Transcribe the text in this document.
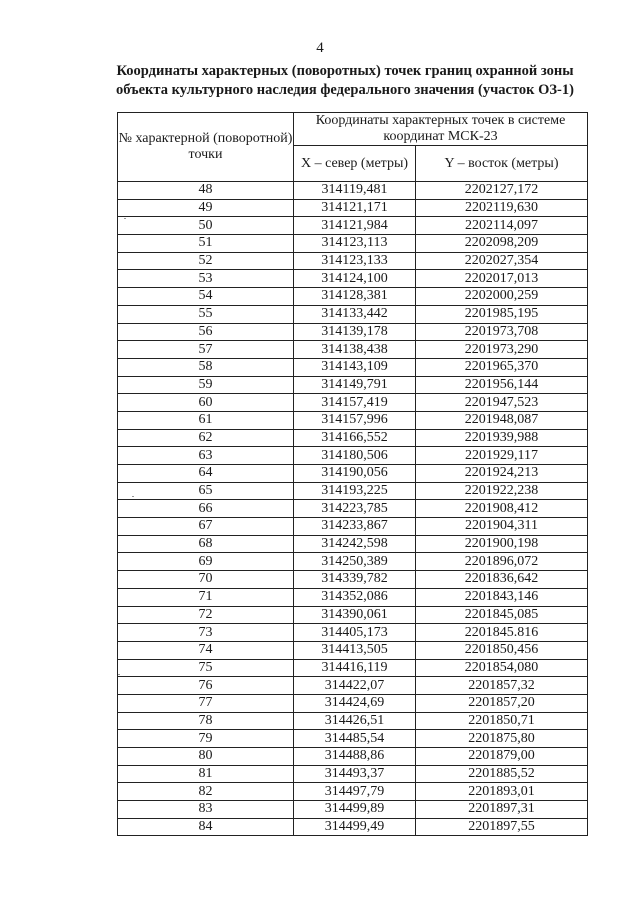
4
Координаты характерных (поворотных) точек границ охранной зоны
объекта культурного наследия федерального значения (участок ОЗ-1)
№ характерной (поворотной) точки	Координаты характерных точек в системе координат МСК-23	
	X – север (метры)	Y – восток (метры)
48	314119,481	2202127,172
49	314121,171	2202119,630
50	314121,984	2202114,097
51	314123,113	2202098,209
52	314123,133	2202027,354
53	314124,100	2202017,013
54	314128,381	2202000,259
55	314133,442	2201985,195
56	314139,178	2201973,708
57	314138,438	2201973,290
58	314143,109	2201965,370
59	314149,791	2201956,144
60	314157,419	2201947,523
61	314157,996	2201948,087
62	314166,552	2201939,988
63	314180,506	2201929,117
64	314190,056	2201924,213
65	314193,225	2201922,238
66	314223,785	2201908,412
67	314233,867	2201904,311
68	314242,598	2201900,198
69	314250,389	2201896,072
70	314339,782	2201836,642
71	314352,086	2201843,146
72	314390,061	2201845,085
73	314405,173	2201845.816
74	314413,505	2201850,456
75	314416,119	2201854,080
76	314422,07	2201857,32
77	314424,69	2201857,20
78	314426,51	2201850,71
79	314485,54	2201875,80
80	314488,86	2201879,00
81	314493,37	2201885,52
82	314497,79	2201893,01
83	314499,89	2201897,31
84	314499,49	2201897,55
